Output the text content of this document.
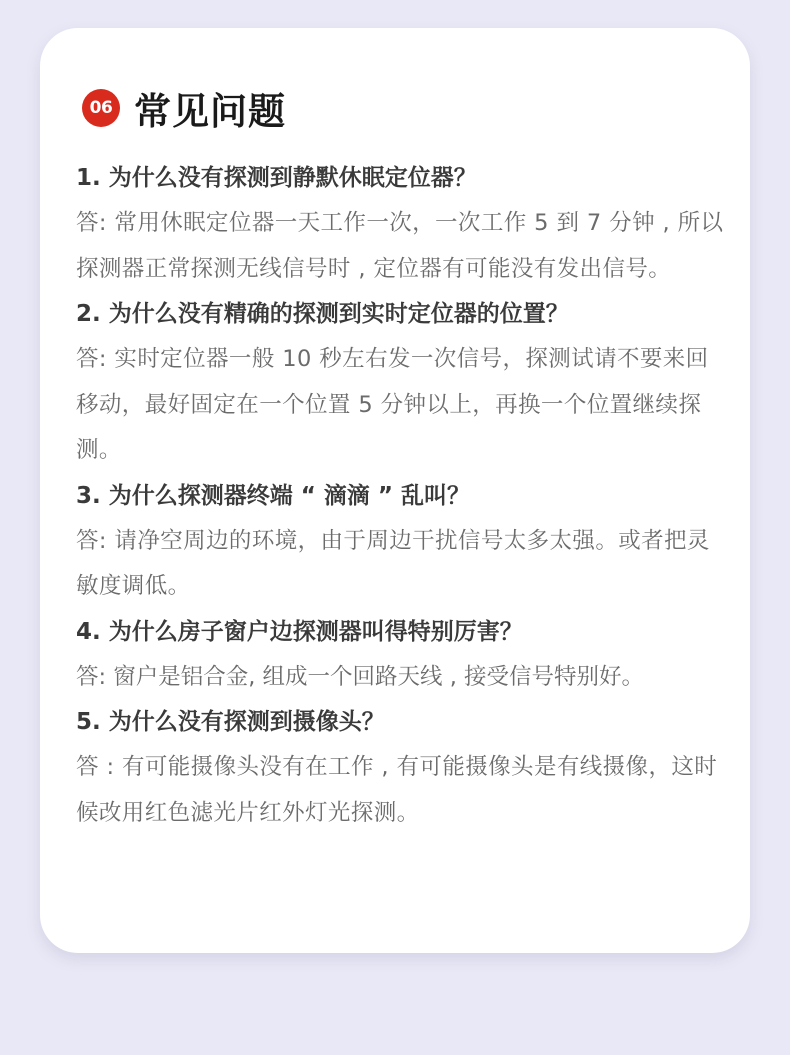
06 常见问题
1. 为什么没有探测到静默休眠定位器？
答: 常用休眠定位器一天工作一次，一次工作 5 到 7 分钟 , 所以探测器正常探测无线信号时 , 定位器有可能没有发出信号。
2. 为什么没有精确的探测到实时定位器的位置？
答: 实时定位器一般 10 秒左右发一次信号，探测试请不要来回移动，最好固定在一个位置 5 分钟以上，再换一个位置继续探测。
3. 为什么探测器终端 “ 滴滴 ” 乱叫？
答: 请净空周边的环境，由于周边干扰信号太多太强。或者把灵敏度调低。
4. 为什么房子窗户边探测器叫得特别厉害？
答: 窗户是铝合金, 组成一个回路天线 , 接受信号特别好。
5. 为什么没有探测到摄像头？
答 : 有可能摄像头没有在工作 , 有可能摄像头是有线摄像，这时候改用红色滤光片红外灯光探测。
